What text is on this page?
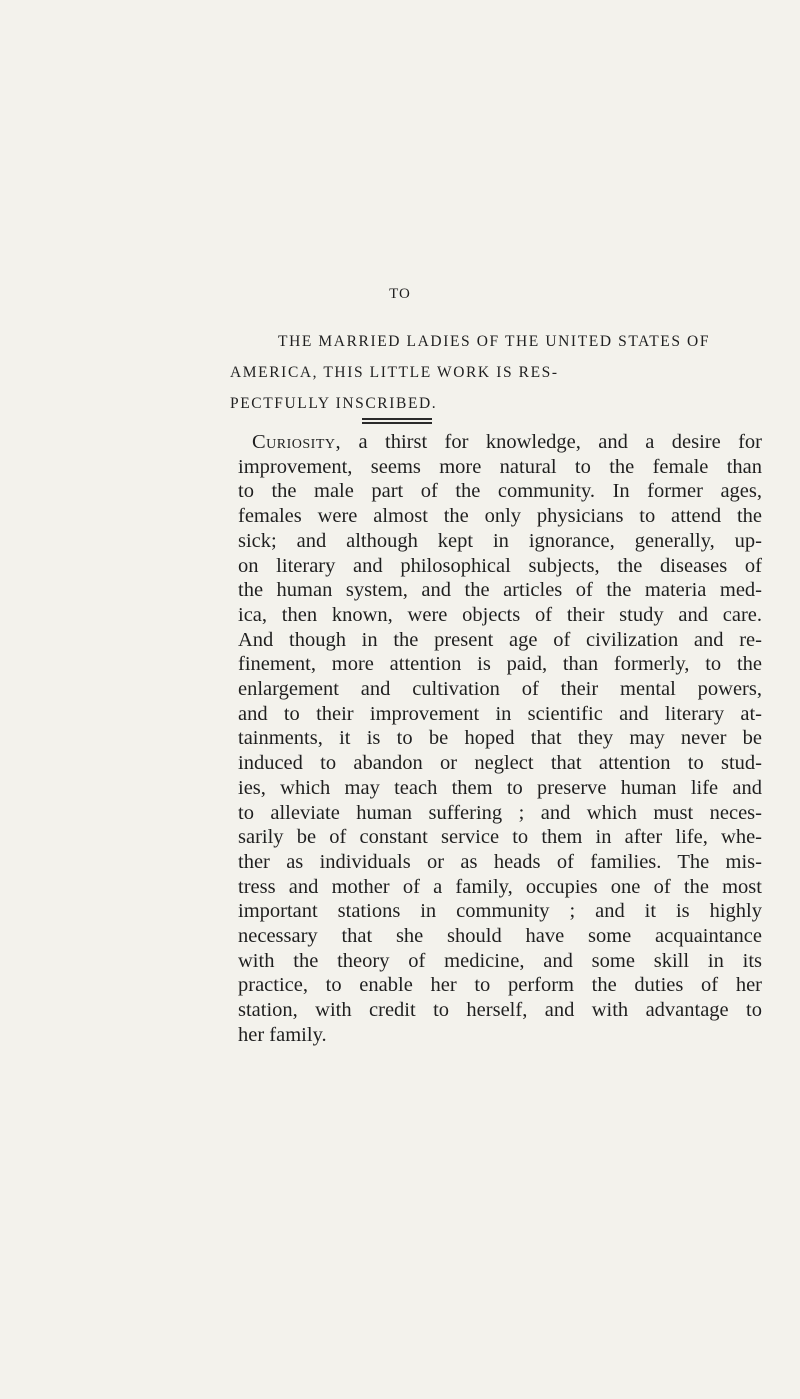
TO
THE MARRIED LADIES OF THE UNITED STATES OF
AMERICA, THIS LITTLE WORK IS RES-
PECTFULLY INSCRIBED.
Curiosity, a thirst for knowledge, and a desire for
improvement, seems more natural to the female than
to the male part of the community. In former ages,
females were almost the only physicians to attend the
sick; and although kept in ignorance, generally, up-
on literary and philosophical subjects, the diseases of
the human system, and the articles of the materia med-
ica, then known, were objects of their study and care.
And though in the present age of civilization and re-
finement, more attention is paid, than formerly, to the
enlargement and cultivation of their mental powers,
and to their improvement in scientific and literary at-
tainments, it is to be hoped that they may never be
induced to abandon or neglect that attention to stud-
ies, which may teach them to preserve human life and
to alleviate human suffering ; and which must neces-
sarily be of constant service to them in after life, whe-
ther as individuals or as heads of families. The mis-
tress and mother of a family, occupies one of the most
important stations in community ; and it is highly
necessary that she should have some acquaintance
with the theory of medicine, and some skill in its
practice, to enable her to perform the duties of her
station, with credit to herself, and with advantage to
her family.
